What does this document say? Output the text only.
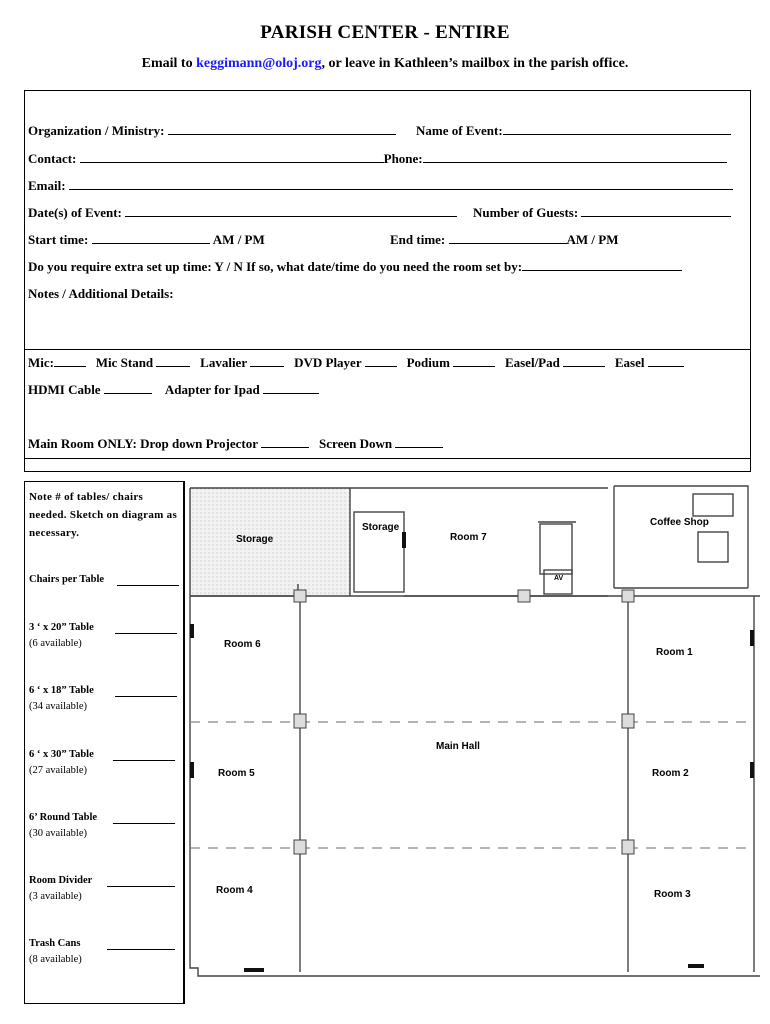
PARISH CENTER - ENTIRE
Email to keggimann@oloj.org, or leave in Kathleen’s mailbox in the parish office.
Organization / Ministry:	Name of Event:
Contact:	Phone:
Email:
Date(s) of Event:	Number of Guests:
Start time:	AM / PM	End time:	AM / PM
Do you require extra set up time: Y / N If so, what date/time do you need the room set by:
Notes / Additional Details:
Mic:	Mic Stand	Lavalier	DVD Player	Podium	Easel/Pad	Easel
HDMI Cable	Adapter for Ipad
Main Room ONLY: Drop down Projector	Screen Down
Note # of tables/ chairs needed. Sketch on diagram as necessary.
Chairs per Table
3 ‘ x 20” Table
(6 available)
6 ‘ x 18” Table
(34 available)
6 ‘ x 30” Table
(27 available)
6’ Round Table
(30 available)
Room Divider
(3 available)
Trash Cans
(8 available)
Storage
Storage
Room 7
AV
Coffee Shop
Room 6
Room 1
Main Hall
Room 5	Room 2
Room 4	Room 3
